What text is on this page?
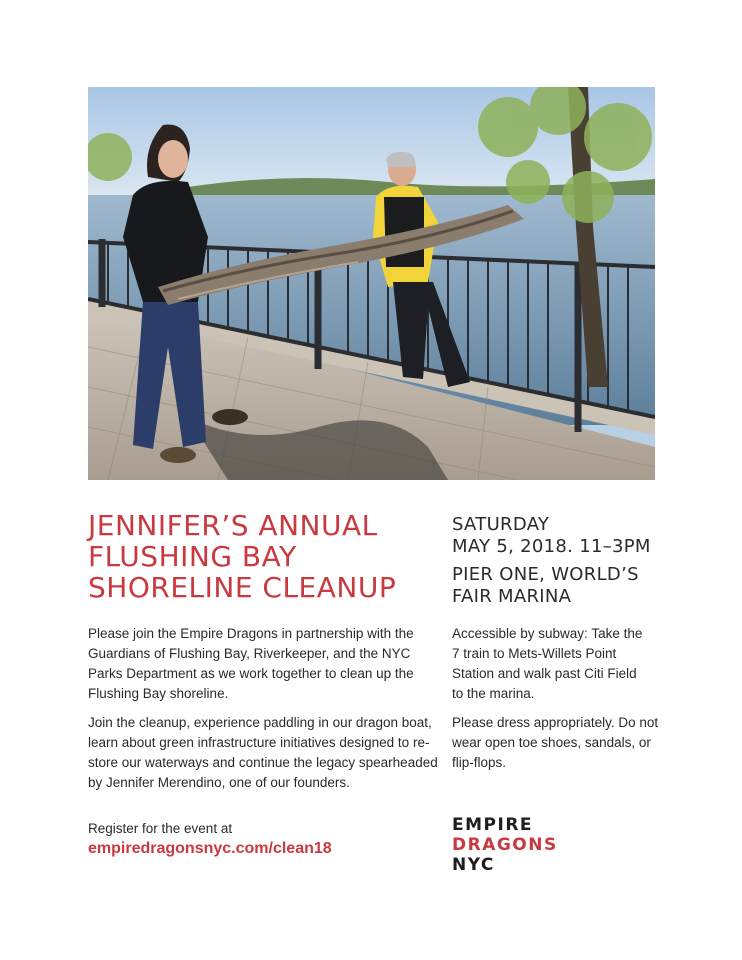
JENNIFER’S ANNUAL
FLUSHING BAY
SHORELINE CLEANUP
SATURDAY
MAY 5, 2018. 11–3PM
PIER ONE, WORLD’S
FAIR MARINA
Please join the Empire Dragons in partnership with the
Guardians of Flushing Bay, Riverkeeper, and the NYC
Parks Department as we work together to clean up the
Flushing Bay shoreline.
Join the cleanup, experience paddling in our dragon boat,
learn about green infrastructure initiatives designed to re-
store our waterways and continue the legacy spearheaded
by Jennifer Merendino, one of our founders.
Accessible by subway: Take the
7 train to Mets-Willets Point
Station and walk past Citi Field
to the marina.
Please dress appropriately. Do not
wear open toe shoes, sandals, or
flip-flops.
Register for the event at
empiredragonsnyc.com/clean18
EMPIRE
DRAGONS
NYC
